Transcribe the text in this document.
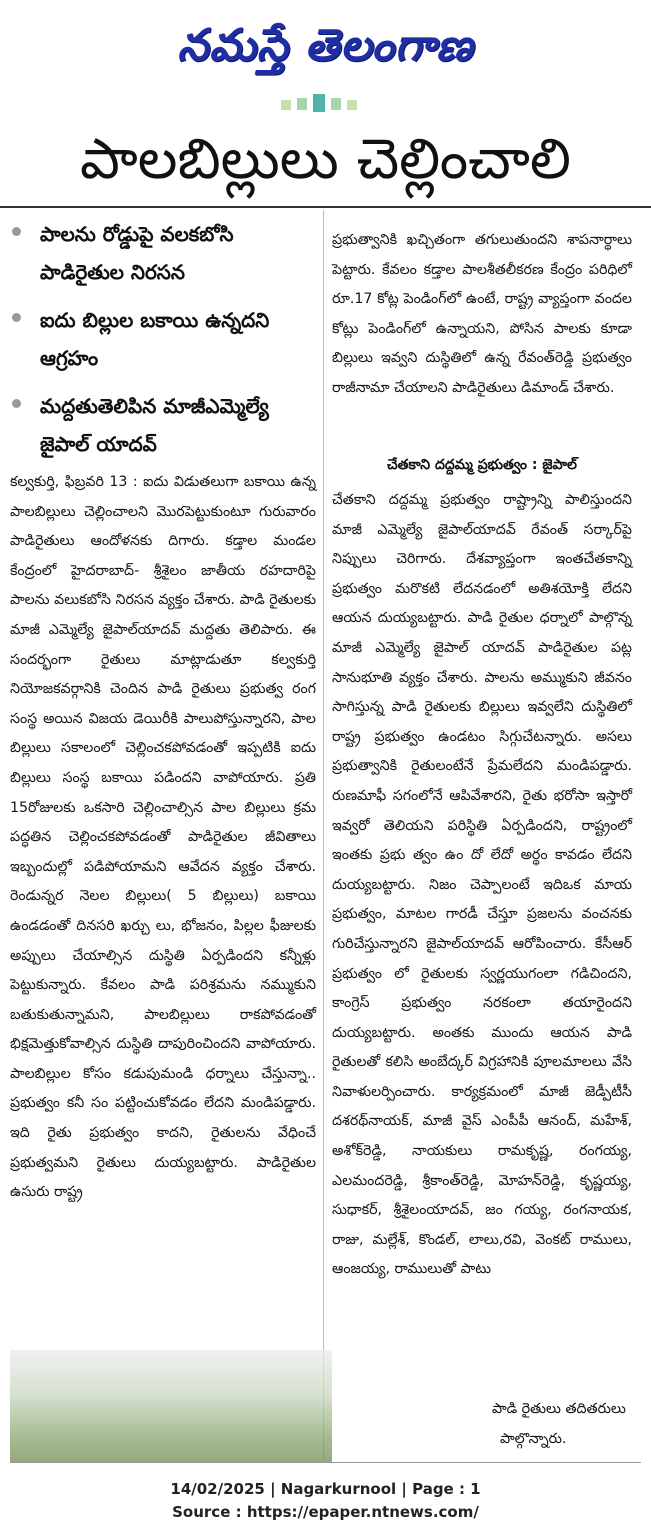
నమస్తే తెలంగాణ
పాలబిల్లులు చెల్లించాలి
పాలను రోడ్డుపై వలకబోసి పాడిరైతుల నిరసన
ఐదు బిల్లుల బకాయి ఉన్నదని ఆగ్రహం
మద్దతుతెలిపిన మాజీఎమ్మెల్యే జైపాల్ యాదవ్

కల్వకుర్తి, ఫిబ్రవరి 13 : ఐదు విడుతలుగా బకాయి ఉన్న పాలబిల్లులు చెల్లించాలని మొరపెట్టుకుంటూ గురువారం పాడిరైతులు ఆందోళనకు దిగారు. కడ్తాల మండల కేంద్రంలో హైదరాబాద్- శ్రీశైలం జాతీయ రహదారిపై పాలను వలుకబోసి నిరసన వ్యక్తం చేశారు. పాడి రైతులకు మాజీ ఎమ్మెల్యే జైపాల్‌యాదవ్ మద్దతు తెలిపారు. ఈ సందర్భంగా రైతులు మాట్లాడుతూ కల్వకుర్తి నియోజకవర్గానికి చెందిన పాడి రైతులు ప్రభుత్వ రంగ సంస్థ అయిన విజయ డెయిరీకి పాలుపోస్తున్నారని, పాల బిల్లులు సకాలంలో చెల్లించకపోవడంతో ఇప్పటికి ఐదు బిల్లులు సంస్థ బకాయి పడిందని వాపోయారు. ప్రతి 15రోజులకు ఒకసారి చెల్లించాల్సిన పాల బిల్లులు క్రమ పద్ధతిన చెల్లించకపోవడంతో పాడిరైతుల జీవితాలు ఇబ్బందుల్లో పడిపోయామని ఆవేదన వ్యక్తం చేశారు. రెండున్నర నెలల బిల్లులు( 5 బిల్లులు) బకాయి ఉండడంతో దినసరి ఖర్చు లు, భోజనం, పిల్లల ఫీజులకు అప్పులు చేయాల్సిన దుస్థితి ఏర్పడిందని కన్నీళ్లు పెట్టుకున్నారు. కేవలం పాడి పరిశ్రమను నమ్ముకుని బతుకుతున్నామని, పాలబిల్లులు రాకపోవడంతో భిక్షమెత్తుకోవాల్సిన దుస్థితి దాపురించిందని వాపోయారు. పాలబిల్లుల కోసం కడుపుమండి ధర్నాలు చేస్తున్నా.. ప్రభుత్వం కనీ సం పట్టించుకోవడం లేదని మండిపడ్డారు. ఇది రైతు ప్రభుత్వం కాదని, రైతులను వేధించే ప్రభుత్వమని రైతులు దుయ్యబట్టారు. పాడిరైతుల ఉసురు రాష్ట్ర

ప్రభుత్వానికి ఖచ్చితంగా తగులుతుందని శాపనార్థాలు పెట్టారు. కేవలం కడ్తాల పాలశీతలీకరణ కేంద్రం పరిధిలో రూ.17 కోట్ల పెండింగ్‌లో ఉంటే, రాష్ట్ర వ్యాప్తంగా వందల కోట్లు పెండింగ్‌లో ఉన్నాయని, పోసిన పాలకు కూడా బిల్లులు ఇవ్వని దుస్థితిలో ఉన్న రేవంత్‌రెడ్డి ప్రభుత్వం రాజీనామా చేయాలని పాడిరైతులు డిమాండ్ చేశారు.

చేతకాని దద్దమ్మ ప్రభుత్వం : జైపాల్

చేతకాని దద్దమ్మ ప్రభుత్వం రాష్ట్రాన్ని పాలిస్తుందని మాజీ ఎమ్మెల్యే జైపాల్‌యాదవ్ రేవంత్ సర్కార్‌పై నిప్పులు చెరిగారు. దేశవ్యాప్తంగా ఇంతచేతకాన్ని ప్రభుత్వం మరొకటి లేదనడంలో అతిశయోక్తి లేదని ఆయన దుయ్యబట్టారు. పాడి రైతుల ధర్నాలో పాల్గొన్న మాజీ ఎమ్మెల్యే జైపాల్ యాదవ్ పాడిరైతుల పట్ల సానుభూతి వ్యక్తం చేశారు. పాలను అమ్ముకుని జీవనం సాగిస్తున్న పాడి రైతులకు బిల్లులు ఇవ్వలేని దుస్థితిలో రాష్ట్ర ప్రభుత్వం ఉండటం సిగ్గుచేటన్నారు. అసలు ప్రభుత్వానికి రైతులంటేనే ప్రేమలేదని మండిపడ్డారు. రుణమాఫీ సగంలోనే ఆపివేశారని, రైతు భరోసా ఇస్తారో ఇవ్వరో తెలియని పరిస్థితి ఏర్పడిందని, రాష్ట్రంలో ఇంతకు ప్రభు త్వం ఉం దో లేదో అర్థం కావడం లేదని దుయ్యబట్టారు. నిజం చెప్పాలంటే ఇదిఒక మాయ ప్రభుత్వం, మాటల గారడీ చేస్తూ ప్రజలను వంచనకు గురిచేస్తున్నారని జైపాల్‌యాదవ్ ఆరోపించారు. కేసీఆర్ ప్రభుత్వం లో రైతులకు స్వర్ణయుగంలా గడిచిందని, కాంగ్రెస్ ప్రభుత్వం నరకంలా తయారైందని దుయ్యబట్టారు. అంతకు ముందు ఆయన పాడి రైతులతో కలిసి అంబేద్కర్ విగ్రహానికి పూలమాలలు వేసి నివాళులర్పించారు. కార్యక్రమంలో మాజీ జెడ్పీటీసీ దశరథ్‌నాయక్, మాజీ వైస్ ఎంపీపీ ఆనంద్, మహేశ్, అశోక్‌రెడ్డి, నాయకులు రామకృష్ణ, రంగయ్య, ఎలమందరెడ్డి, శ్రీకాంత్‌రెడ్డి, మోహన్‌రెడ్డి, కృష్ణయ్య, సుధాకర్, శ్రీశైలంయాదవ్, జం గయ్య, రంగనాయక, రాజు, మల్లేశ్, కొండల్, లాలు,రవి, వెంకట్ రాములు, ఆంజయ్య, రాములుతో పాటు

పాడి రైతులు తదితరులు
పాల్గొన్నారు.
14/02/2025 | Nagarkurnool | Page : 1
Source : https://epaper.ntnews.com/
